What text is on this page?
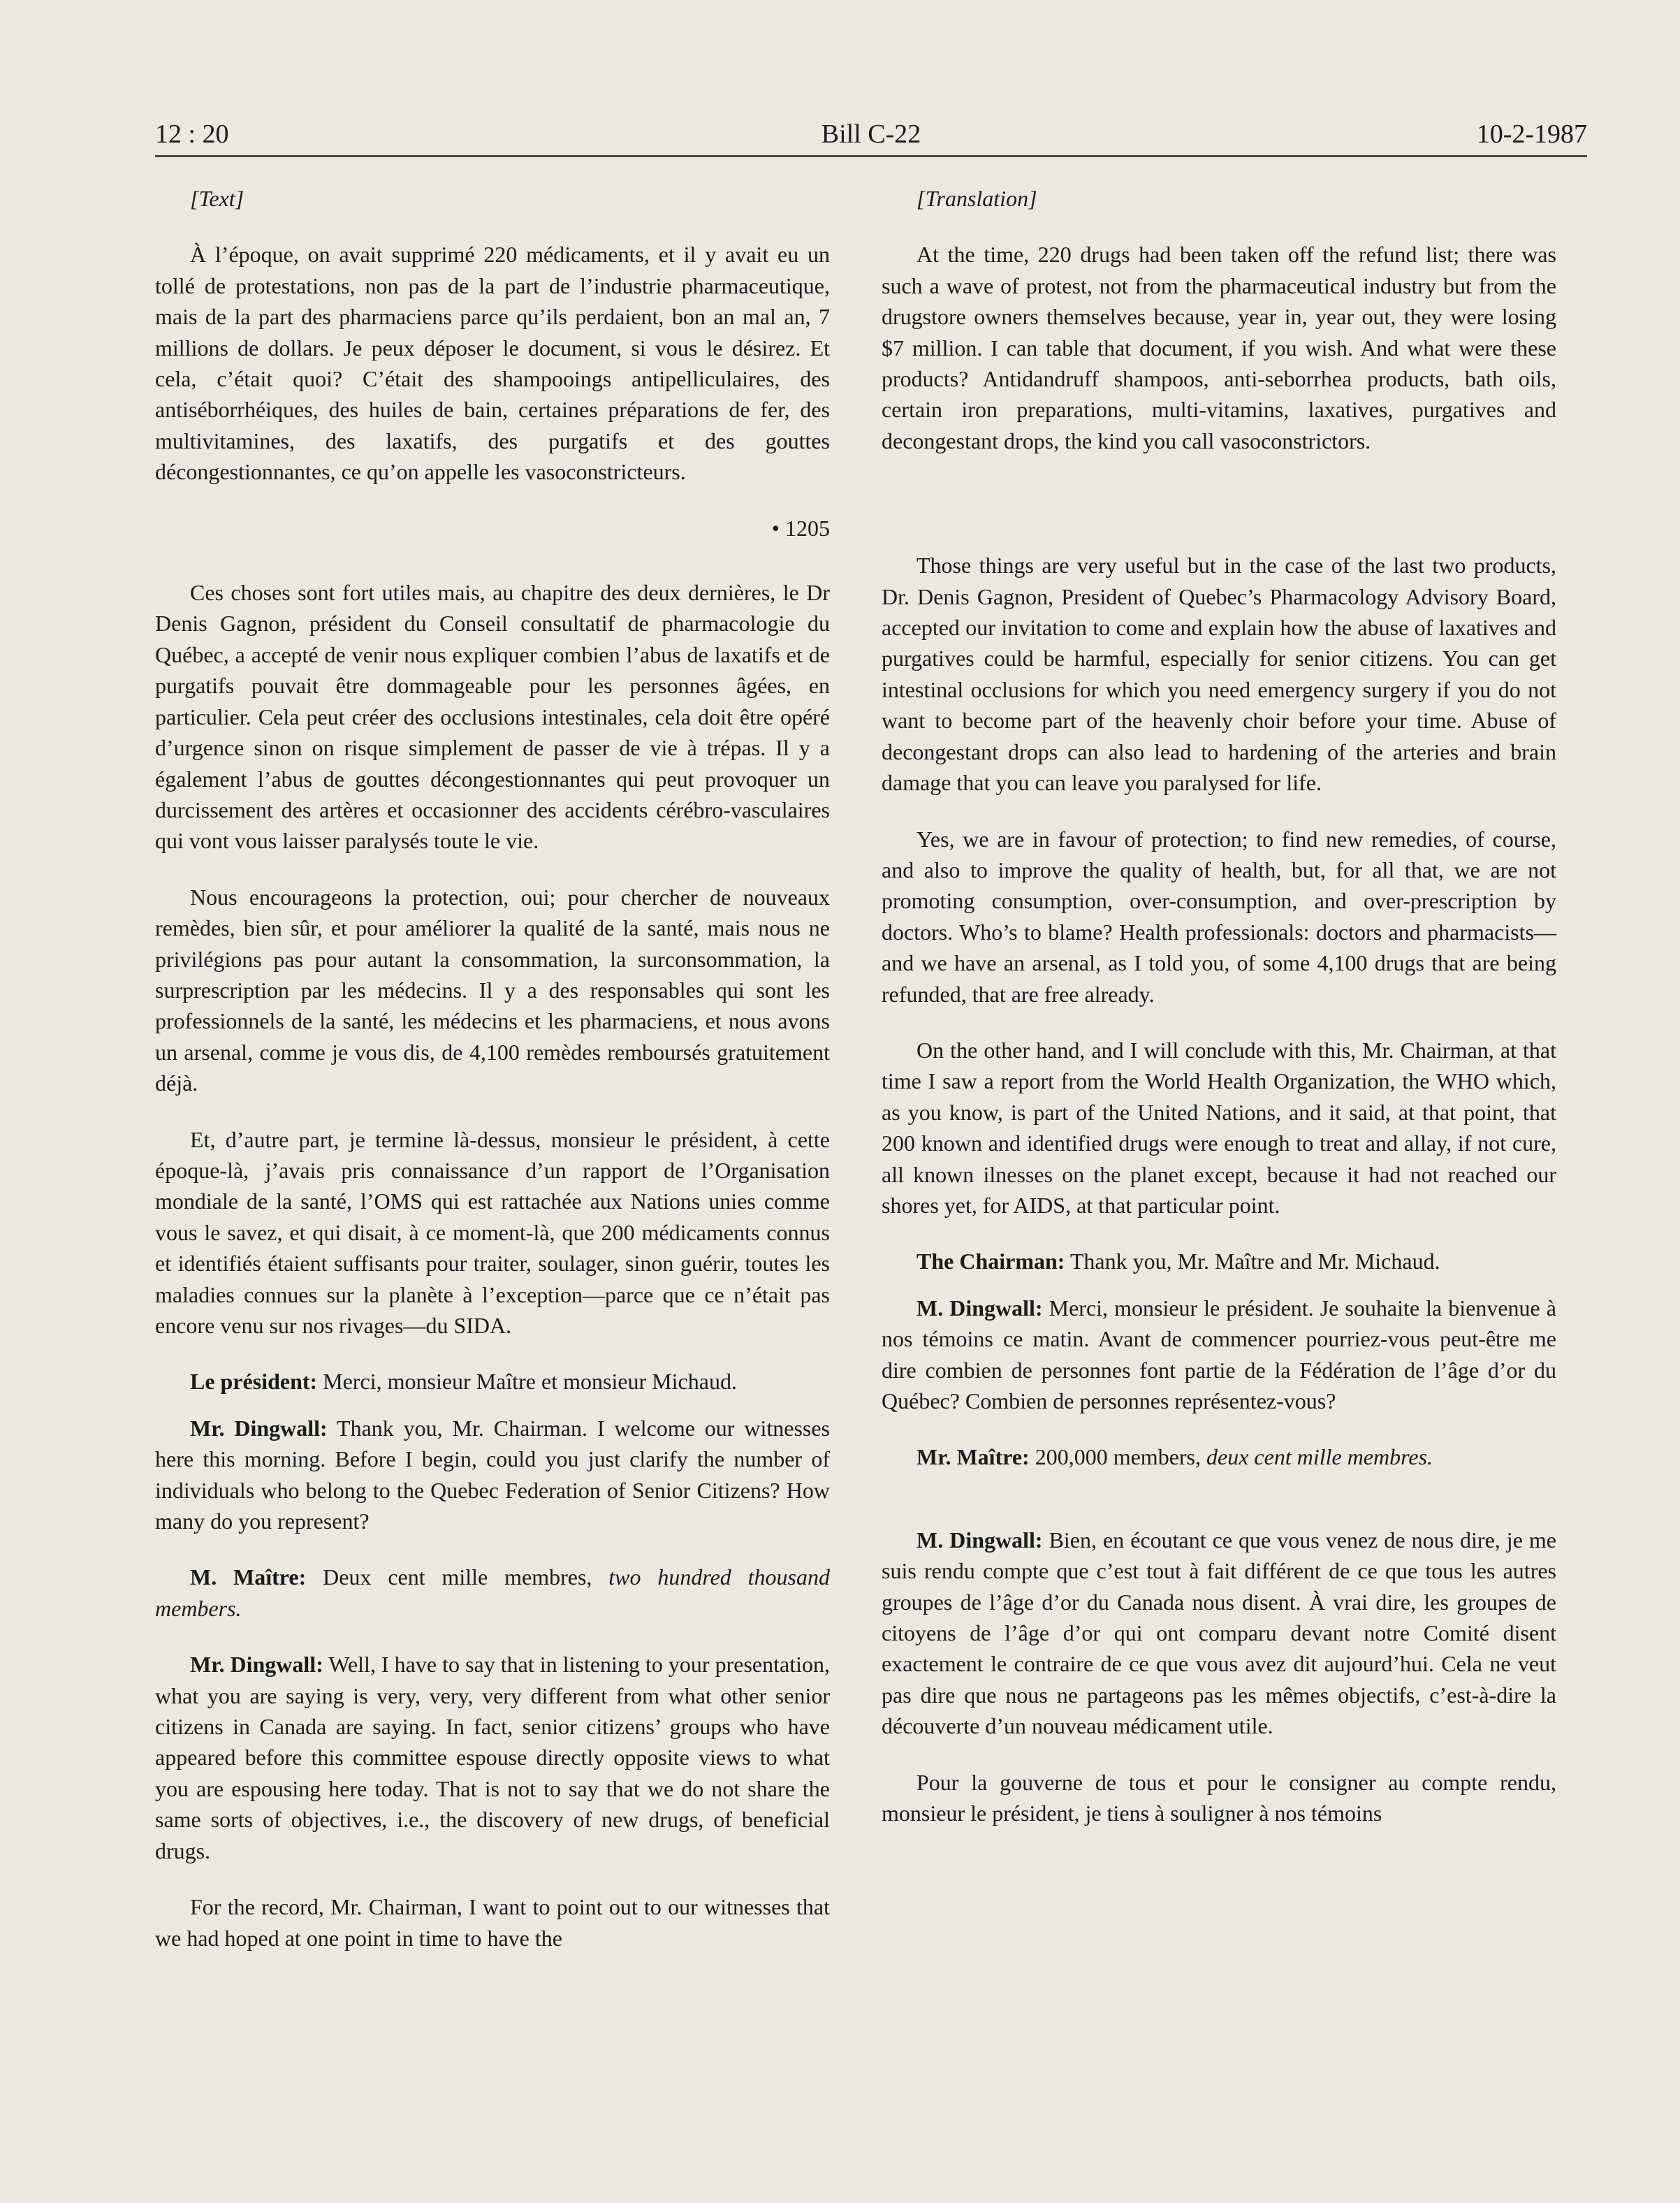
12 : 20	Bill C-22	10-2-1987

[Text]

À l’époque, on avait supprimé 220 médicaments, et il y avait eu un tollé de protestations, non pas de la part de l’industrie pharmaceutique, mais de la part des pharmaciens parce qu’ils perdaient, bon an mal an, 7 millions de dollars. Je peux déposer le document, si vous le désirez. Et cela, c’était quoi? C’était des shampooings antipelliculaires, des antiséborrhéiques, des huiles de bain, certaines préparations de fer, des multivitamines, des laxatifs, des purgatifs et des gouttes décongestionnantes, ce qu’on appelle les vasoconstricteurs.

• 1205

Ces choses sont fort utiles mais, au chapitre des deux dernières, le Dr Denis Gagnon, président du Conseil consultatif de pharmacologie du Québec, a accepté de venir nous expliquer combien l’abus de laxatifs et de purgatifs pouvait être dommageable pour les personnes âgées, en particulier. Cela peut créer des occlusions intestinales, cela doit être opéré d’urgence sinon on risque simplement de passer de vie à trépas. Il y a également l’abus de gouttes décongestionnantes qui peut provoquer un durcissement des artères et occasionner des accidents cérébro-vasculaires qui vont vous laisser paralysés toute le vie.

Nous encourageons la protection, oui; pour chercher de nouveaux remèdes, bien sûr, et pour améliorer la qualité de la santé, mais nous ne privilégions pas pour autant la consommation, la surconsommation, la surprescription par les médecins. Il y a des responsables qui sont les professionnels de la santé, les médecins et les pharmaciens, et nous avons un arsenal, comme je vous dis, de 4,100 remèdes remboursés gratuitement déjà.

Et, d’autre part, je termine là-dessus, monsieur le président, à cette époque-là, j’avais pris connaissance d’un rapport de l’Organisation mondiale de la santé, l’OMS qui est rattachée aux Nations unies comme vous le savez, et qui disait, à ce moment-là, que 200 médicaments connus et identifiés étaient suffisants pour traiter, soulager, sinon guérir, toutes les maladies connues sur la planète à l’exception—parce que ce n’était pas encore venu sur nos rivages—du SIDA.

Le président: Merci, monsieur Maître et monsieur Michaud.

Mr. Dingwall: Thank you, Mr. Chairman. I welcome our witnesses here this morning. Before I begin, could you just clarify the number of individuals who belong to the Quebec Federation of Senior Citizens? How many do you represent?

M. Maître: Deux cent mille membres, two hundred thousand members.

Mr. Dingwall: Well, I have to say that in listening to your presentation, what you are saying is very, very, very different from what other senior citizens in Canada are saying. In fact, senior citizens’ groups who have appeared before this committee espouse directly opposite views to what you are espousing here today. That is not to say that we do not share the same sorts of objectives, i.e., the discovery of new drugs, of beneficial drugs.

For the record, Mr. Chairman, I want to point out to our witnesses that we had hoped at one point in time to have the

[Translation]

At the time, 220 drugs had been taken off the refund list; there was such a wave of protest, not from the pharmaceutical industry but from the drugstore owners themselves because, year in, year out, they were losing $7 million. I can table that document, if you wish. And what were these products? Antidandruff shampoos, anti-seborrhea products, bath oils, certain iron preparations, multi-vitamins, laxatives, purgatives and decongestant drops, the kind you call vasoconstrictors.

Those things are very useful but in the case of the last two products, Dr. Denis Gagnon, President of Quebec’s Pharmacology Advisory Board, accepted our invitation to come and explain how the abuse of laxatives and purgatives could be harmful, especially for senior citizens. You can get intestinal occlusions for which you need emergency surgery if you do not want to become part of the heavenly choir before your time. Abuse of decongestant drops can also lead to hardening of the arteries and brain damage that you can leave you paralysed for life.

Yes, we are in favour of protection; to find new remedies, of course, and also to improve the quality of health, but, for all that, we are not promoting consumption, over-consumption, and over-prescription by doctors. Who’s to blame? Health professionals: doctors and pharmacists—and we have an arsenal, as I told you, of some 4,100 drugs that are being refunded, that are free already.

On the other hand, and I will conclude with this, Mr. Chairman, at that time I saw a report from the World Health Organization, the WHO which, as you know, is part of the United Nations, and it said, at that point, that 200 known and identified drugs were enough to treat and allay, if not cure, all known ilnesses on the planet except, because it had not reached our shores yet, for AIDS, at that particular point.

The Chairman: Thank you, Mr. Maître and Mr. Michaud.

M. Dingwall: Merci, monsieur le président. Je souhaite la bienvenue à nos témoins ce matin. Avant de commencer pourriez-vous peut-être me dire combien de personnes font partie de la Fédération de l’âge d’or du Québec? Combien de personnes représentez-vous?

Mr. Maître: 200,000 members, deux cent mille membres.

M. Dingwall: Bien, en écoutant ce que vous venez de nous dire, je me suis rendu compte que c’est tout à fait différent de ce que tous les autres groupes de l’âge d’or du Canada nous disent. À vrai dire, les groupes de citoyens de l’âge d’or qui ont comparu devant notre Comité disent exactement le contraire de ce que vous avez dit aujourd’hui. Cela ne veut pas dire que nous ne partageons pas les mêmes objectifs, c’est-à-dire la découverte d’un nouveau médicament utile.

Pour la gouverne de tous et pour le consigner au compte rendu, monsieur le président, je tiens à souligner à nos témoins
